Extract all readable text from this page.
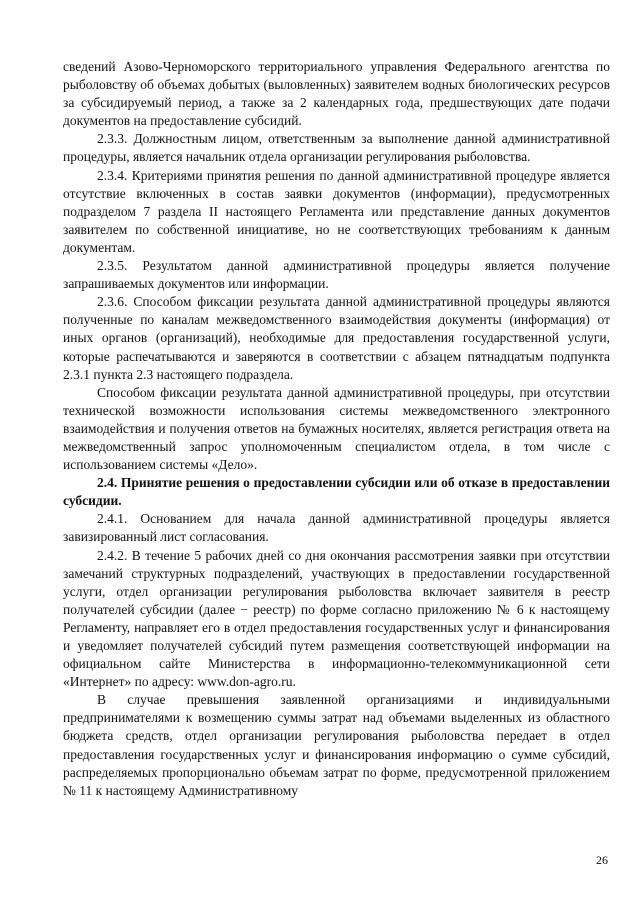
сведений Азово-Черноморского территориального управления Федерального агентства по рыболовству об объемах добытых (выловленных) заявителем водных биологических ресурсов за субсидируемый период, а также за 2 календарных года, предшествующих дате подачи документов на предоставление субсидий.

2.3.3. Должностным лицом, ответственным за выполнение данной административной процедуры, является начальник отдела организации регулирования рыболовства.

2.3.4. Критериями принятия решения по данной административной процедуре является отсутствие включенных в состав заявки документов (информации), предусмотренных подразделом 7 раздела II настоящего Регламента или представление данных документов заявителем по собственной инициативе, но не соответствующих требованиям к данным документам.

2.3.5. Результатом данной административной процедуры является получение запрашиваемых документов или информации.

2.3.6. Способом фиксации результата данной административной процедуры являются полученные по каналам межведомственного взаимодействия документы (информация) от иных органов (организаций), необходимые для предоставления государственной услуги, которые распечатываются и заверяются в соответствии с абзацем пятнадцатым подпункта 2.3.1 пункта 2.3 настоящего подраздела.

Способом фиксации результата данной административной процедуры, при отсутствии технической возможности использования системы межведомственного электронного взаимодействия и получения ответов на бумажных носителях, является регистрация ответа на межведомственный запрос уполномоченным специалистом отдела, в том числе с использованием системы «Дело».

2.4. Принятие решения о предоставлении субсидии или об отказе в предоставлении субсидии.

2.4.1. Основанием для начала данной административной процедуры является завизированный лист согласования.

2.4.2. В течение 5 рабочих дней со дня окончания рассмотрения заявки при отсутствии замечаний структурных подразделений, участвующих в предоставлении государственной услуги, отдел организации регулирования рыболовства включает заявителя в реестр получателей субсидии (далее − реестр) по форме согласно приложению № 6 к настоящему Регламенту, направляет его в отдел предоставления государственных услуг и финансирования и уведомляет получателей субсидий путем размещения соответствующей информации на официальном сайте Министерства в информационно-телекоммуникационной сети «Интернет» по адресу: www.don-agro.ru.

В случае превышения заявленной организациями и индивидуальными предпринимателями к возмещению суммы затрат над объемами выделенных из областного бюджета средств, отдел организации регулирования рыболовства передает в отдел предоставления государственных услуг и финансирования информацию о сумме субсидий, распределяемых пропорционально объемам затрат по форме, предусмотренной приложением № 11 к настоящему Административному

26
